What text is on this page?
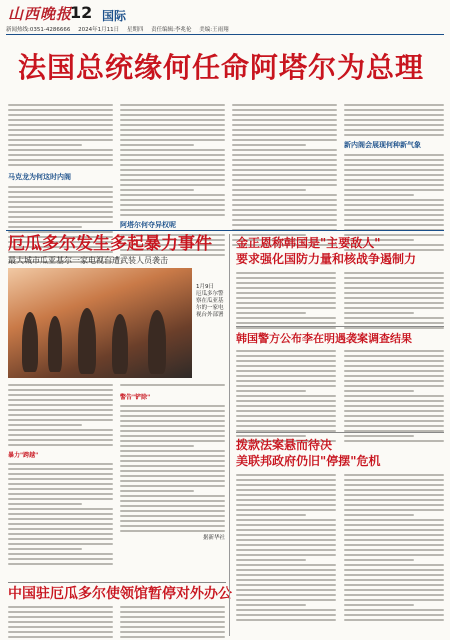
山西晚报
12 国际
新闻热线:0351-4286666 2024年1月11日 星期四 责任编辑:李兆伦 美编:王雨翔
法国总统缘何任命阿塔尔为总理
马克龙为何这时内阁
阿塔尔何夺异权呢
新内阁会展现何种新气象
厄瓜多尔发生多起暴力事件
最大城市瓜亚基尔一家电视台遭武装人员袭击
1月9日
厄瓜多尔警察在瓜亚基尔的一家电视台外部署
暴力"跨越"
警告"铲除"
据新华社
中国驻厄瓜多尔使领馆暂停对外办公
金正恩称韩国是"主要敌人"
要求强化国防力量和核战争遏制力
韩国警方公布李在明遇袭案调查结果
拨款法案悬而待决
美联邦政府仍旧"停摆"危机
